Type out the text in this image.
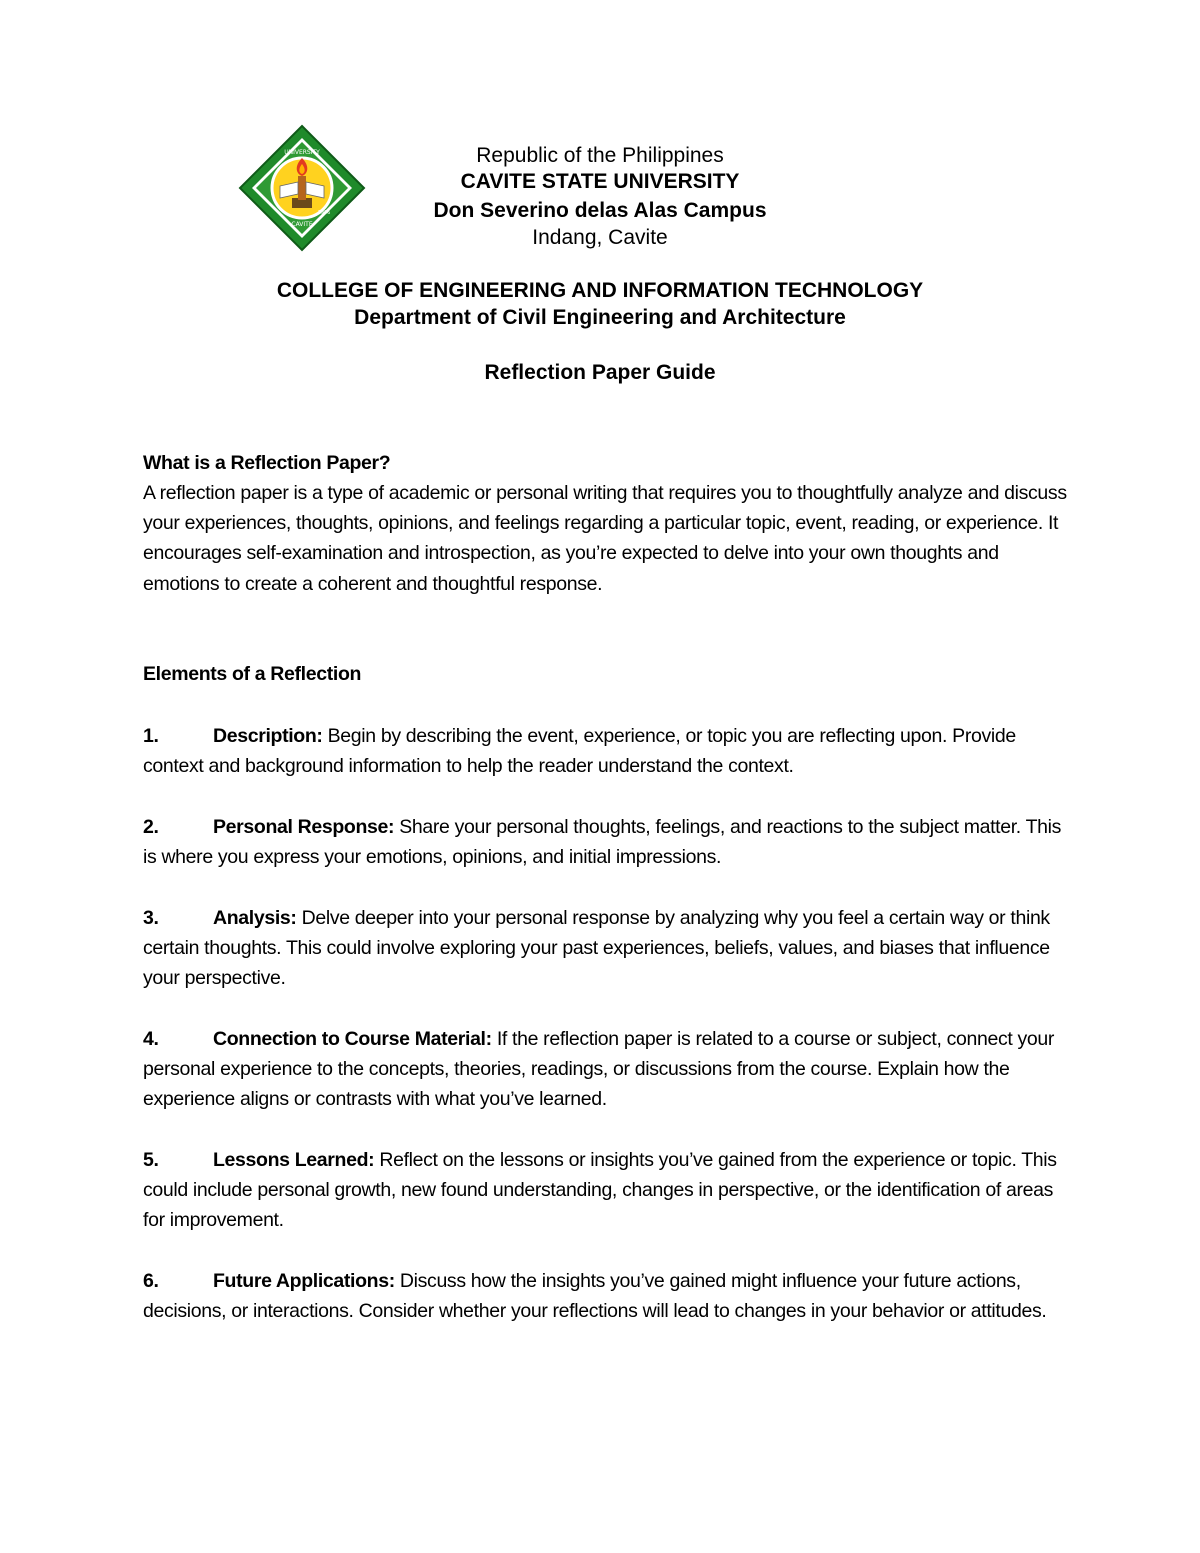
UNIVERSITY
CAVITE
1906
Republic of the Philippines
CAVITE STATE UNIVERSITY
Don Severino delas Alas Campus
Indang, Cavite
COLLEGE OF ENGINEERING AND INFORMATION TECHNOLOGY
Department of Civil Engineering and Architecture
Reflection Paper Guide
What is a Reflection Paper?
A reflection paper is a type of academic or personal writing that requires you to thoughtfully analyze and discuss your experiences, thoughts, opinions, and feelings regarding a particular topic, event, reading, or experience. It encourages self-examination and introspection, as you’re expected to delve into your own thoughts and emotions to create a coherent and thoughtful response.
Elements of a Reflection
1.	Description: Begin by describing the event, experience, or topic you are reflecting upon. Provide context and background information to help the reader understand the context.
2.	Personal Response: Share your personal thoughts, feelings, and reactions to the subject matter. This is where you express your emotions, opinions, and initial impressions.
3.	Analysis: Delve deeper into your personal response by analyzing why you feel a certain way or think certain thoughts. This could involve exploring your past experiences, beliefs, values, and biases that influence your perspective.
4.	Connection to Course Material: If the reflection paper is related to a course or subject, connect your personal experience to the concepts, theories, readings, or discussions from the course. Explain how the experience aligns or contrasts with what you’ve learned.
5.	Lessons Learned: Reflect on the lessons or insights you’ve gained from the experience or topic. This could include personal growth, new found understanding, changes in perspective, or the identification of areas for improvement.
6.	Future Applications: Discuss how the insights you’ve gained might influence your future actions, decisions, or interactions. Consider whether your reflections will lead to changes in your behavior or attitudes.
